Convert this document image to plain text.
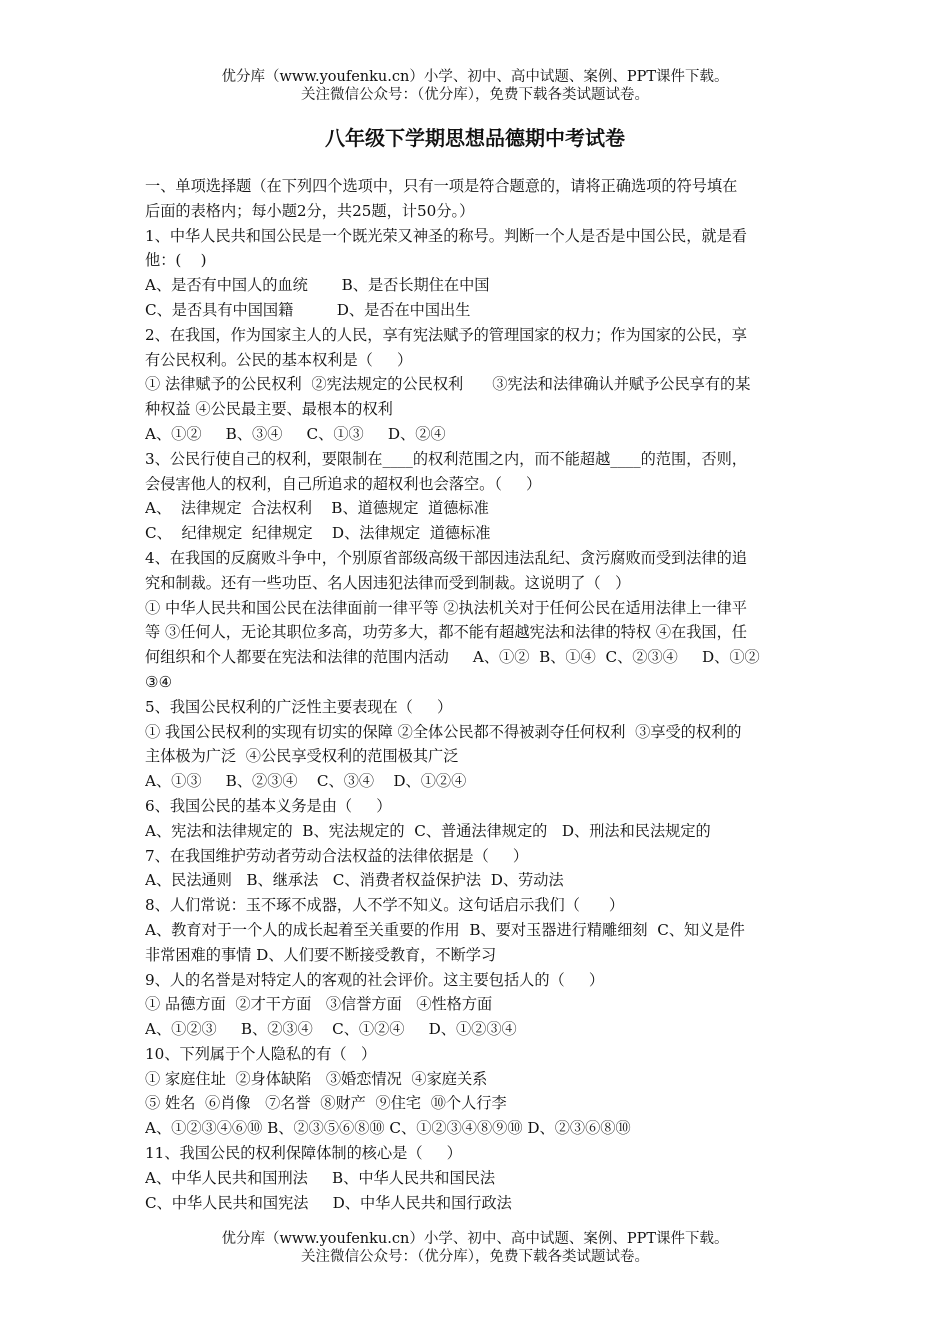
优分库（www.youfenku.cn）小学、初中、高中试题、案例、PPT课件下载。
关注微信公众号：（优分库），免费下载各类试题试卷。
八年级下学期思想品德期中考试卷
一、单项选择题（在下列四个选项中，只有一项是符合题意的，请将正确选项的符号填在
后面的表格内；每小题2分，共25题，计50分。）
1、中华人民共和国公民是一个既光荣又神圣的称号。判断一个人是否是中国公民，就是看
他：(    )
A、是否有中国人的血统       B、是否长期住在中国
C、是否具有中国国籍         D、是否在中国出生
2、在我国，作为国家主人的人民，享有宪法赋予的管理国家的权力；作为国家的公民，享
有公民权利。公民的基本权利是（     ）
① 法律赋予的公民权利  ②宪法规定的公民权利      ③宪法和法律确认并赋予公民享有的某
种权益 ④公民最主要、最根本的权利
A、①②     B、③④     C、①③     D、②④
3、公民行使自己的权利，要限制在____的权利范围之内，而不能超越____的范围，否则，
会侵害他人的权利，自己所追求的超权利也会落空。（     ）
A、  法律规定  合法权利    B、道德规定  道德标准
C、  纪律规定  纪律规定    D、法律规定  道德标准
4、在我国的反腐败斗争中，个别原省部级高级干部因违法乱纪、贪污腐败而受到法律的追
究和制裁。还有一些功臣、名人因违犯法律而受到制裁。这说明了（   ）
① 中华人民共和国公民在法律面前一律平等 ②执法机关对于任何公民在适用法律上一律平
等 ③任何人，无论其职位多高，功劳多大，都不能有超越宪法和法律的特权 ④在我国，任
何组织和个人都要在宪法和法律的范围内活动     A、①②  B、①④  C、②③④     D、①②
③④
5、我国公民权利的广泛性主要表现在（     ）
① 我国公民权利的实现有切实的保障 ②全体公民都不得被剥夺任何权利  ③享受的权利的
主体极为广泛  ④公民享受权利的范围极其广泛
A、①③     B、②③④    C、③④    D、①②④
6、我国公民的基本义务是由（     ）
A、宪法和法律规定的  B、宪法规定的  C、普通法律规定的   D、刑法和民法规定的
7、在我国维护劳动者劳动合法权益的法律依据是（     ）
A、民法通则   B、继承法   C、消费者权益保护法  D、劳动法
8、人们常说：玉不琢不成器，人不学不知义。这句话启示我们（      ）
A、教育对于一个人的成长起着至关重要的作用  B、要对玉器进行精雕细刻  C、知义是件
非常困难的事情 D、人们要不断接受教育，不断学习
9、人的名誉是对特定人的客观的社会评价。这主要包括人的（     ）
① 品德方面  ②才干方面   ③信誉方面   ④性格方面
A、①②③     B、②③④    C、①②④     D、①②③④
10、下列属于个人隐私的有（   ）
① 家庭住址  ②身体缺陷   ③婚恋情况  ④家庭关系
⑤ 姓名  ⑥肖像   ⑦名誉  ⑧财产  ⑨住宅  ⑩个人行李
A、①②③④⑥⑩ B、②③⑤⑥⑧⑩ C、①②③④⑧⑨⑩ D、②③⑥⑧⑩
11、我国公民的权利保障体制的核心是（     ）
A、中华人民共和国刑法     B、中华人民共和国民法
C、中华人民共和国宪法     D、中华人民共和国行政法
优分库（www.youfenku.cn）小学、初中、高中试题、案例、PPT课件下载。
关注微信公众号：（优分库），免费下载各类试题试卷。
